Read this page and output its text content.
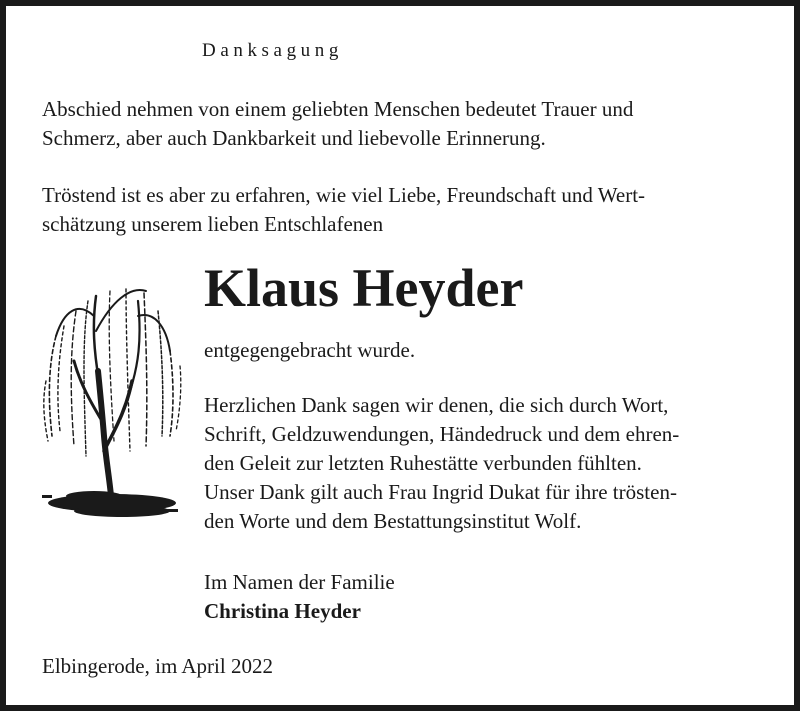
Danksagung
Abschied nehmen von einem geliebten Menschen bedeutet Trauer und
Schmerz, aber auch Dankbarkeit und liebevolle Erinnerung.
Tröstend ist es aber zu erfahren, wie viel Liebe, Freundschaft und Wert-
schätzung unserem lieben Entschlafenen
Klaus Heyder
entgegengebracht wurde.
Herzlichen Dank sagen wir denen, die sich durch Wort,
Schrift, Geldzuwendungen, Händedruck und dem ehren-
den Geleit zur letzten Ruhestätte verbunden fühlten.
Unser Dank gilt auch Frau Ingrid Dukat für ihre trösten-
den Worte und dem Bestattungsinstitut Wolf.
Im Namen der Familie
Christina Heyder
Elbingerode, im April 2022
